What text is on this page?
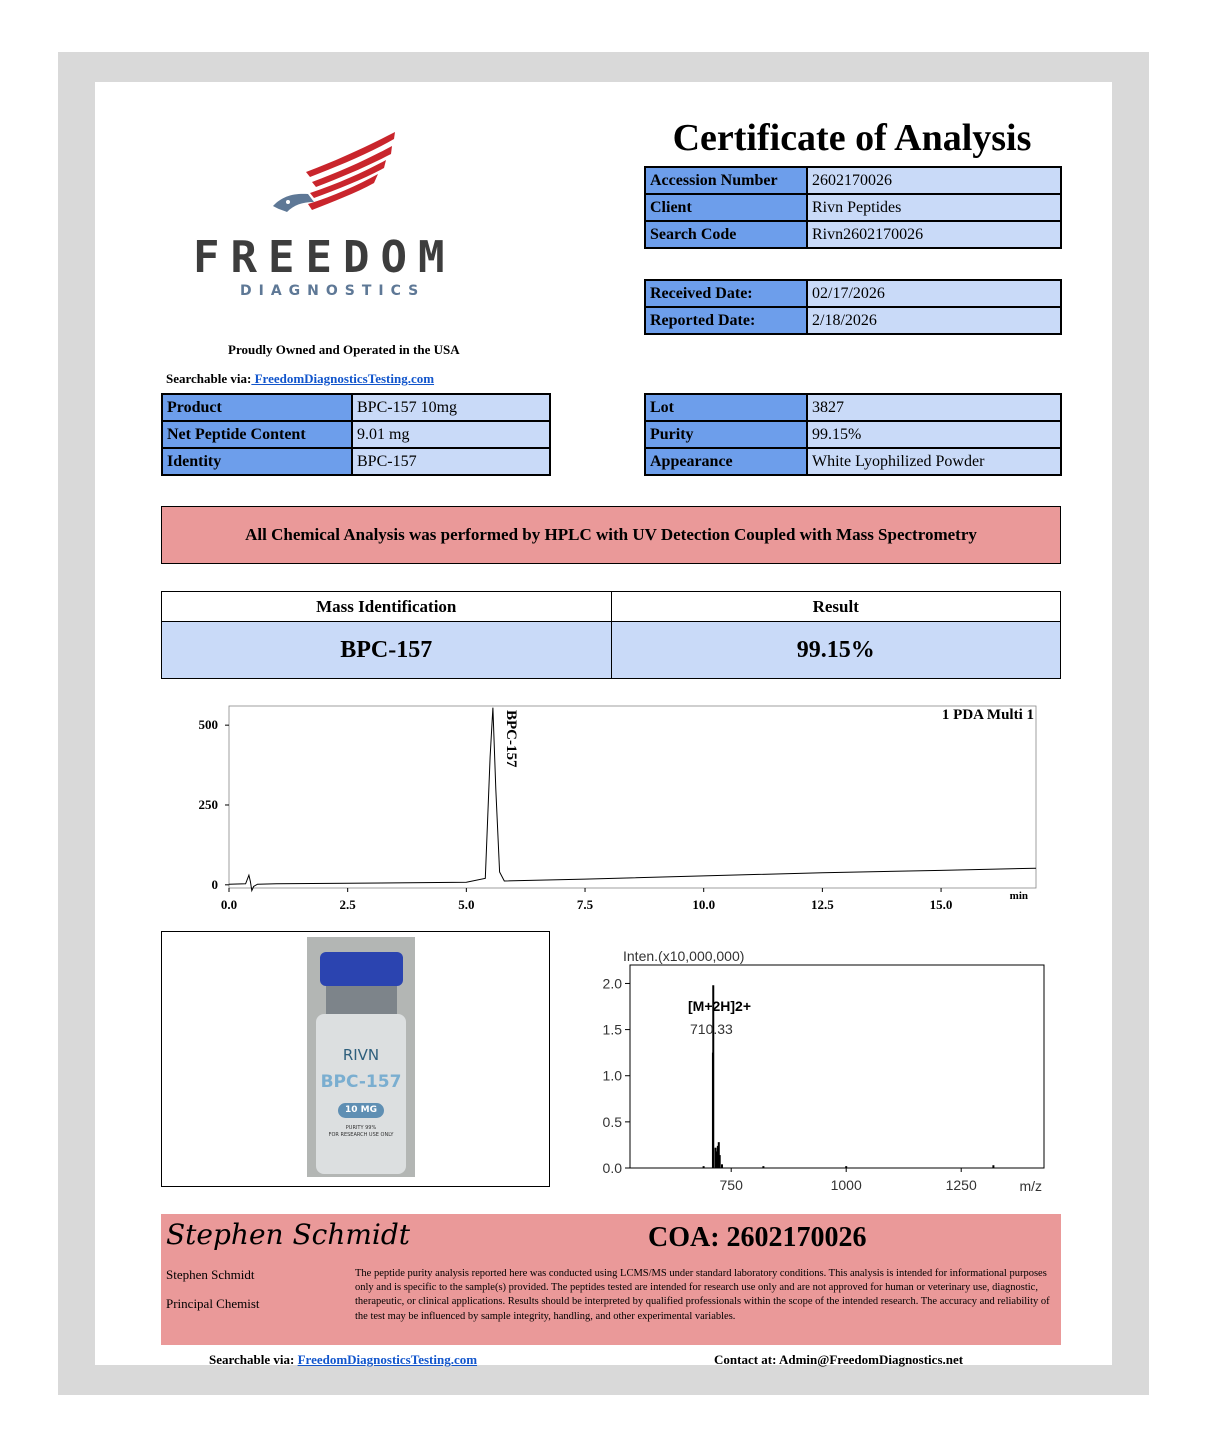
FREEDOM
DIAGNOSTICS
Proudly Owned and Operated in the USA
Searchable via: FreedomDiagnosticsTesting.com
Certificate of Analysis
Accession Number	2602170026
Client	Rivn Peptides
Search Code	Rivn2602170026
Received Date:	02/17/2026
Reported Date:	2/18/2026
Product	BPC-157 10mg
Net Peptide Content	9.01 mg
Identity	BPC-157
Lot	3827
Purity	99.15%
Appearance	White Lyophilized Powder
All Chemical Analysis was performed by HPLC with UV Detection Coupled with Mass Spectrometry
Mass Identification	Result
BPC-157	99.15%
0.0	2.5	5.0	7.5	10.0	12.5	15.0
0
250
500
min
1 PDA Multi 1
BPC-157
RIVN
BPC-157
10 MG
PURITY 99%
FOR RESEARCH USE ONLY
Inten.(x10,000,000)
0.0
0.5
1.0
1.5
2.0
750	1000	1250	m/z
[M+2H]2+
710.33
Stephen Schmidt	COA: 2602170026
Stephen Schmidt
Principal Chemist
The peptide purity analysis reported here was conducted using LCMS/MS under standard laboratory conditions. This analysis is intended for informational purposes only and is specific to the sample(s) provided. The peptides tested are intended for research use only and are not approved for human or veterinary use, diagnostic, therapeutic, or clinical applications. Results should be interpreted by qualified professionals within the scope of the intended research. The accuracy and reliability of the test may be influenced by sample integrity, handling, and other experimental variables.
Searchable via: FreedomDiagnosticsTesting.com	Contact at: Admin@FreedomDiagnostics.net
